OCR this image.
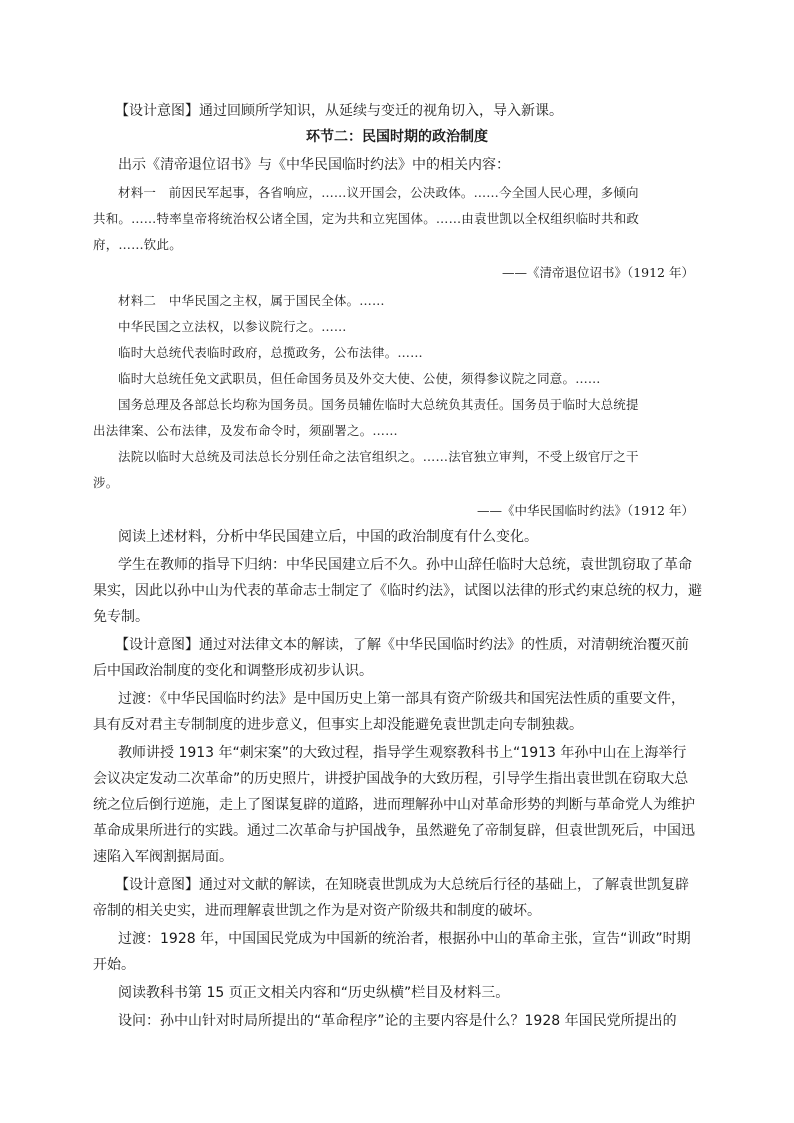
【设计意图】通过回顾所学知识，从延续与变迁的视角切入，导入新课。
环节二：民国时期的政治制度
出示《清帝退位诏书》与《中华民国临时约法》中的相关内容：
材料一　前因民军起事，各省响应，……议开国会，公决政体。……今全国人民心理，多倾向
共和。……特率皇帝将统治权公诸全国，定为共和立宪国体。……由袁世凯以全权组织临时共和政
府，……钦此。
——《清帝退位诏书》（1912 年）
材料二　中华民国之主权，属于国民全体。……
中华民国之立法权，以参议院行之。……
临时大总统代表临时政府，总揽政务，公布法律。……
临时大总统任免文武职员，但任命国务员及外交大使、公使，须得参议院之同意。……
国务总理及各部总长均称为国务员。国务员辅佐临时大总统负其责任。国务员于临时大总统提
出法律案、公布法律，及发布命令时，须副署之。……
法院以临时大总统及司法总长分别任命之法官组织之。……法官独立审判，不受上级官厅之干
涉。
——《中华民国临时约法》（1912 年）
阅读上述材料，分析中华民国建立后，中国的政治制度有什么变化。
学生在教师的指导下归纳：中华民国建立后不久。孙中山辞任临时大总统，袁世凯窃取了革命
果实，因此以孙中山为代表的革命志士制定了《临时约法》，试图以法律的形式约束总统的权力，避
免专制。
【设计意图】通过对法律文本的解读，了解《中华民国临时约法》的性质，对清朝统治覆灭前
后中国政治制度的变化和调整形成初步认识。
过渡：《中华民国临时约法》是中国历史上第一部具有资产阶级共和国宪法性质的重要文件，
具有反对君主专制制度的进步意义，但事实上却没能避免袁世凯走向专制独裁。
教师讲授 1913 年“刺宋案”的大致过程，指导学生观察教科书上“1913 年孙中山在上海举行
会议决定发动二次革命”的历史照片，讲授护国战争的大致历程，引导学生指出袁世凯在窃取大总
统之位后倒行逆施，走上了图谋复辟的道路，进而理解孙中山对革命形势的判断与革命党人为维护
革命成果所进行的实践。通过二次革命与护国战争，虽然避免了帝制复辟，但袁世凯死后，中国迅
速陷入军阀割据局面。
【设计意图】通过对文献的解读，在知晓袁世凯成为大总统后行径的基础上，了解袁世凯复辟
帝制的相关史实，进而理解袁世凯之作为是对资产阶级共和制度的破坏。
过渡：1928 年，中国国民党成为中国新的统治者，根据孙中山的革命主张，宣告“训政”时期
开始。
阅读教科书第 15 页正文相关内容和“历史纵横”栏目及材料三。
设问：孙中山针对时局所提出的“革命程序”论的主要内容是什么？1928 年国民党所提出的
